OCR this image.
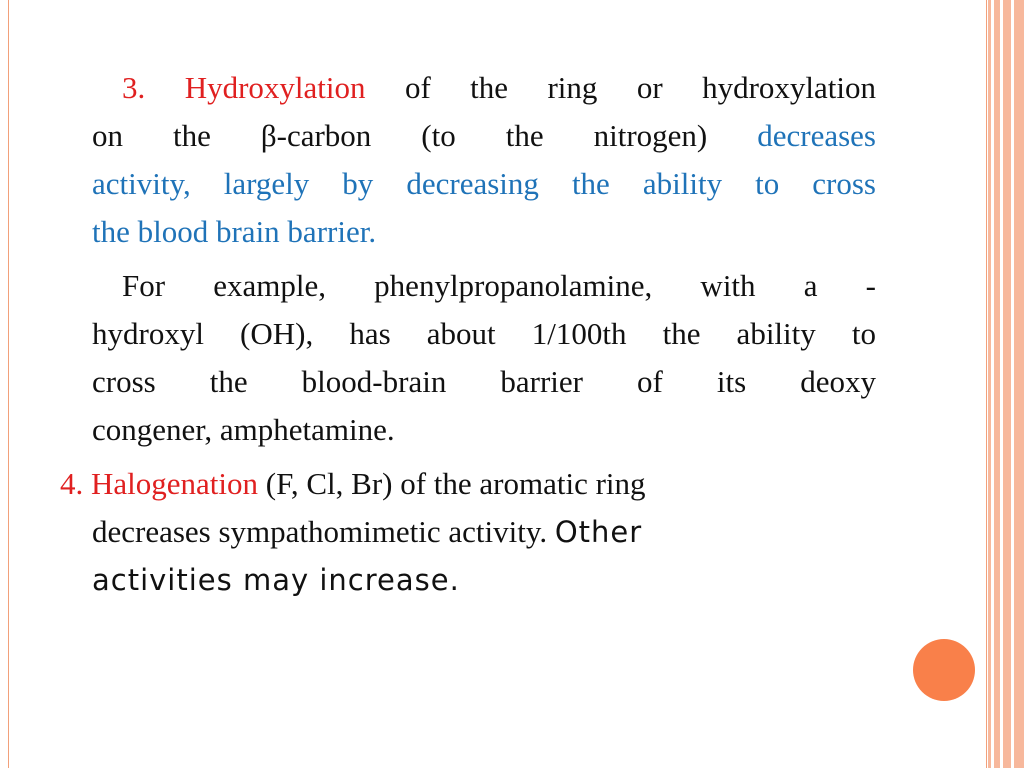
3. Hydroxylation of the ring or hydroxylation
on the β-carbon (to the nitrogen) decreases
activity, largely by decreasing the ability to cross
the blood brain barrier.
For example, phenylpropanolamine, with a -
hydroxyl (OH), has about 1/100th the ability to
cross the blood-brain barrier of its deoxy
congener, amphetamine.
4. Halogenation (F, Cl, Br) of the aromatic ring
decreases sympathomimetic activity. Other
activities may increase.
